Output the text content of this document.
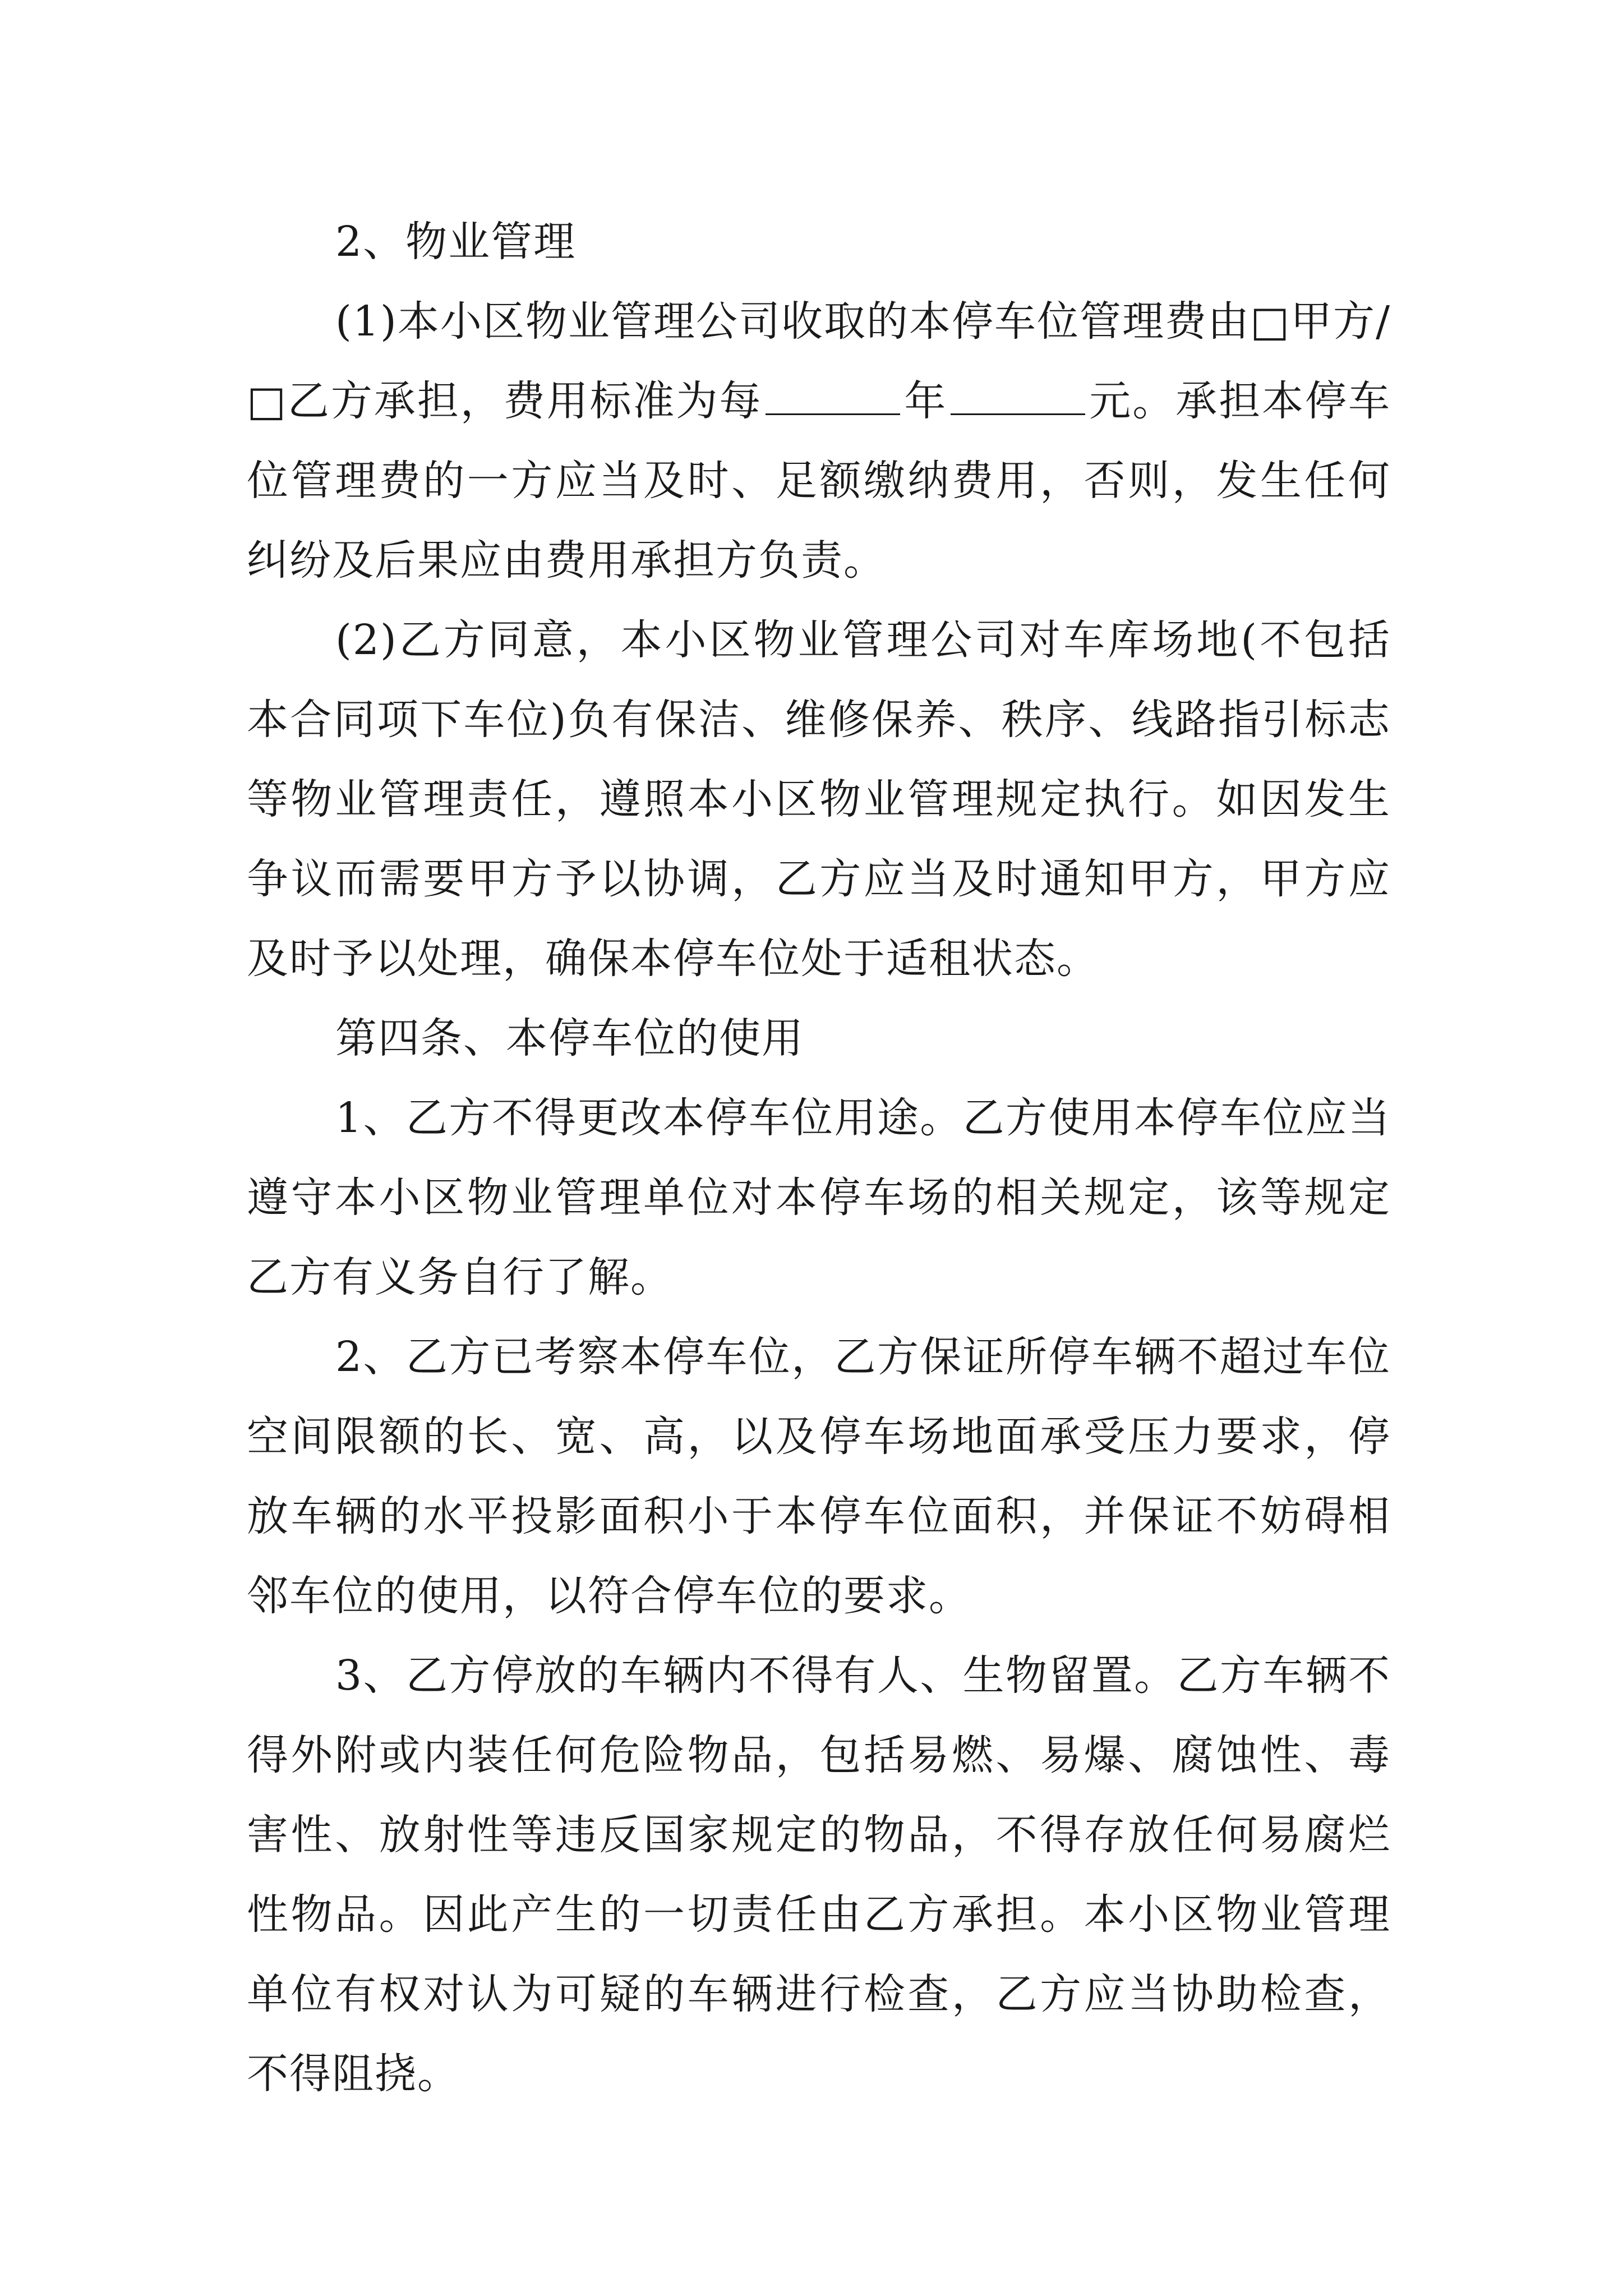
2、物业管理

(1)本小区物业管理公司收取的本停车位管理费由□甲方/□乙方承担，费用标准为每	年	元。承担本停车位管理费的一方应当及时、足额缴纳费用，否则，发生任何纠纷及后果应由费用承担方负责。

(2)乙方同意，本小区物业管理公司对车库场地(不包括本合同项下车位)负有保洁、维修保养、秩序、线路指引标志等物业管理责任，遵照本小区物业管理规定执行。如因发生争议而需要甲方予以协调，乙方应当及时通知甲方，甲方应及时予以处理，确保本停车位处于适租状态。

第四条、本停车位的使用

1、乙方不得更改本停车位用途。乙方使用本停车位应当遵守本小区物业管理单位对本停车场的相关规定，该等规定乙方有义务自行了解。

2、乙方已考察本停车位，乙方保证所停车辆不超过车位空间限额的长、宽、高，以及停车场地面承受压力要求，停放车辆的水平投影面积小于本停车位面积，并保证不妨碍相邻车位的使用，以符合停车位的要求。

3、乙方停放的车辆内不得有人、生物留置。乙方车辆不得外附或内装任何危险物品，包括易燃、易爆、腐蚀性、毒害性、放射性等违反国家规定的物品，不得存放任何易腐烂性物品。因此产生的一切责任由乙方承担。本小区物业管理单位有权对认为可疑的车辆进行检查，乙方应当协助检查，不得阻挠。
